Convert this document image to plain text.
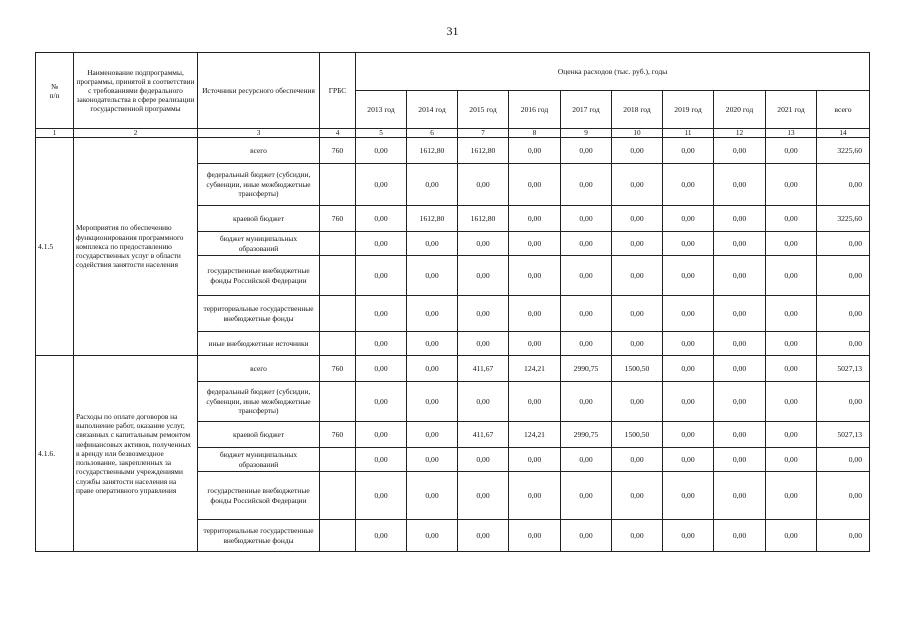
31
№
п/п	Наименование подпрограммы, программы, принятой в соответствии с требованиями федерального законодательства в сфере реализации государственной программы	Источники ресурсного обеспечения	ГРБС	Оценка расходов (тыс. руб.), годы									
				2013 год	2014 год	2015 год	2016 год	2017 год	2018 год	2019 год	2020 год	2021 год	всего
1	2	3	4	5	6	7	8	9	10	11	12	13	14
4.1.5	Мероприятия по обеспечению функционирования программного комплекса по предоставлению государственных услуг в области содействия занятости населения	всего	760	0,00	1612,80	1612,80	0,00	0,00	0,00	0,00	0,00	0,00	3225,60
		федеральный бюджет (субсидии, субвенции, иные межбюджетные трансферты)		0,00	0,00	0,00	0,00	0,00	0,00	0,00	0,00	0,00	0,00
		краевой бюджет	760	0,00	1612,80	1612,80	0,00	0,00	0,00	0,00	0,00	0,00	3225,60
		бюджет муниципальных образований		0,00	0,00	0,00	0,00	0,00	0,00	0,00	0,00	0,00	0,00
		государственные внебюджетные фонды Российской Федерации		0,00	0,00	0,00	0,00	0,00	0,00	0,00	0,00	0,00	0,00
		территориальные государственные внебюджетные фонды		0,00	0,00	0,00	0,00	0,00	0,00	0,00	0,00	0,00	0,00
		иные внебюджетные источники		0,00	0,00	0,00	0,00	0,00	0,00	0,00	0,00	0,00	0,00
4.1.6.	Расходы по оплате договоров на выполнение работ, оказание услуг, связанных с капитальным ремонтом нефинансовых активов, полученных в аренду или безвозмездное пользование, закрепленных за государственными учреждениями службы занятости населения на праве оперативного управления	всего	760	0,00	0,00	411,67	124,21	2990,75	1500,50	0,00	0,00	0,00	5027,13
		федеральный бюджет (субсидии, субвенции, иные межбюджетные трансферты)		0,00	0,00	0,00	0,00	0,00	0,00	0,00	0,00	0,00	0,00
		краевой бюджет	760	0,00	0,00	411,67	124,21	2990,75	1500,50	0,00	0,00	0,00	5027,13
		бюджет муниципальных образований		0,00	0,00	0,00	0,00	0,00	0,00	0,00	0,00	0,00	0,00
		государственные внебюджетные фонды Российской Федерации		0,00	0,00	0,00	0,00	0,00	0,00	0,00	0,00	0,00	0,00
		территориальные государственные внебюджетные фонды		0,00	0,00	0,00	0,00	0,00	0,00	0,00	0,00	0,00	0,00
